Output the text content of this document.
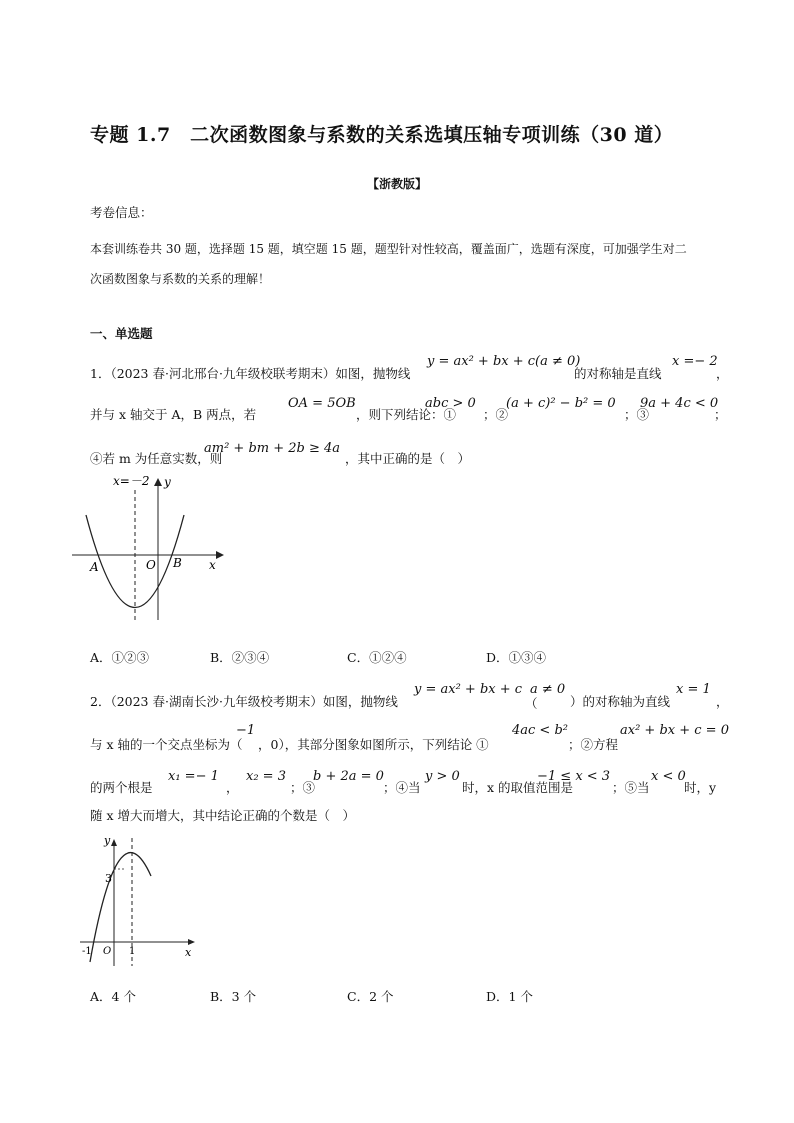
专题 1.7　二次函数图象与系数的关系选填压轴专项训练（30 道）
【浙教版】
考卷信息：
本套训练卷共 30 题，选择题 15 题，填空题 15 题，题型针对性较高，覆盖面广，选题有深度，可加强学生对二
次函数图象与系数的关系的理解！
一、单选题
1．（2023 春·河北邢台·九年级校联考期末）如图，抛物线
y = ax² + bx + c(a ≠ 0)
的对称轴是直线
x =− 2
，
并与 x 轴交于 A，B 两点，若
OA = 5OB
，则下列结论：①
abc > 0
；②
(a + c)² − b² = 0
；③
9a + 4c < 0
；
④若 m 为任意实数，则
am² + bm + 2b ≥ 4a
，其中正确的是（　）
x=－2 y
x
O
A	B
A．①②③	B．②③④	C．①②④	D．①③④
2．（2023 春·湖南长沙·九年级校考期末）如图，抛物线
y = ax² + bx + c
（
a ≠ 0
）的对称轴为直线
x = 1
，
与 x 轴的一个交点坐标为（
−1
，0），其部分图象如图所示，下列结论 ①
4ac < b²
；②方程
ax² + bx + c = 0
的两个根是
x₁ =− 1
，
x₂ = 3
；③
b + 2a = 0
；④当
y > 0
时，x 的取值范围是
−1 ≤ x < 3
；⑤当
x < 0
时，y
随 x 增大而增大，其中结论正确的个数是（　）
y
x
3
-1 O 1
A．4 个	B．3 个	C．2 个	D．1 个
